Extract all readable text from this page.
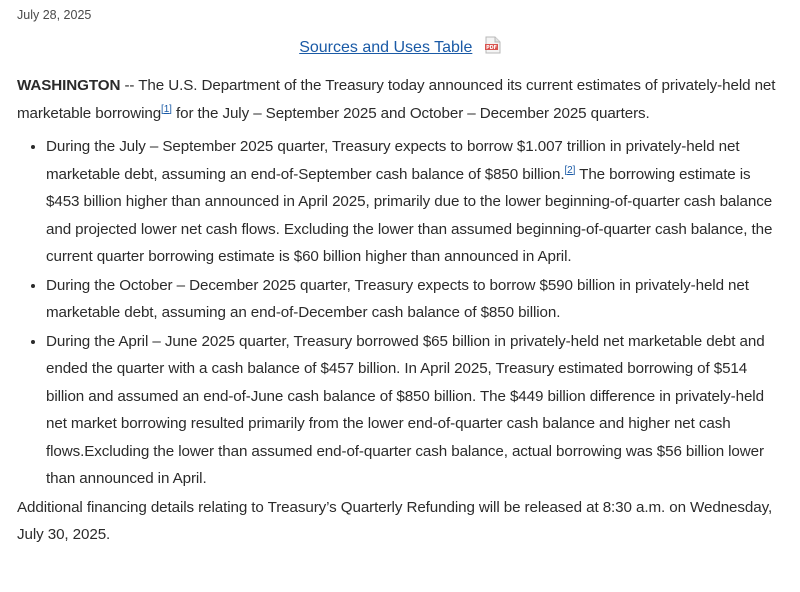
July 28, 2025
Sources and Uses Table	PDF

WASHINGTON -- The U.S. Department of the Treasury today announced its current estimates of privately-held net marketable borrowing[1] for the July – September 2025 and October – December 2025 quarters.

• During the July – September 2025 quarter, Treasury expects to borrow $1.007 trillion in privately-held net marketable debt, assuming an end-of-September cash balance of $850 billion.[2] The borrowing estimate is $453 billion higher than announced in April 2025, primarily due to the lower beginning-of-quarter cash balance and projected lower net cash flows. Excluding the lower than assumed beginning-of-quarter cash balance, the current quarter borrowing estimate is $60 billion higher than announced in April.
• During the October – December 2025 quarter, Treasury expects to borrow $590 billion in privately-held net marketable debt, assuming an end-of-December cash balance of $850 billion.
• During the April – June 2025 quarter, Treasury borrowed $65 billion in privately-held net marketable debt and ended the quarter with a cash balance of $457 billion. In April 2025, Treasury estimated borrowing of $514 billion and assumed an end-of-June cash balance of $850 billion. The $449 billion difference in privately-held net market borrowing resulted primarily from the lower end-of-quarter cash balance and higher net cash flows.Excluding the lower than assumed end-of-quarter cash balance, actual borrowing was $56 billion lower than announced in April.

Additional financing details relating to Treasury’s Quarterly Refunding will be released at 8:30 a.m. on Wednesday, July 30, 2025.
